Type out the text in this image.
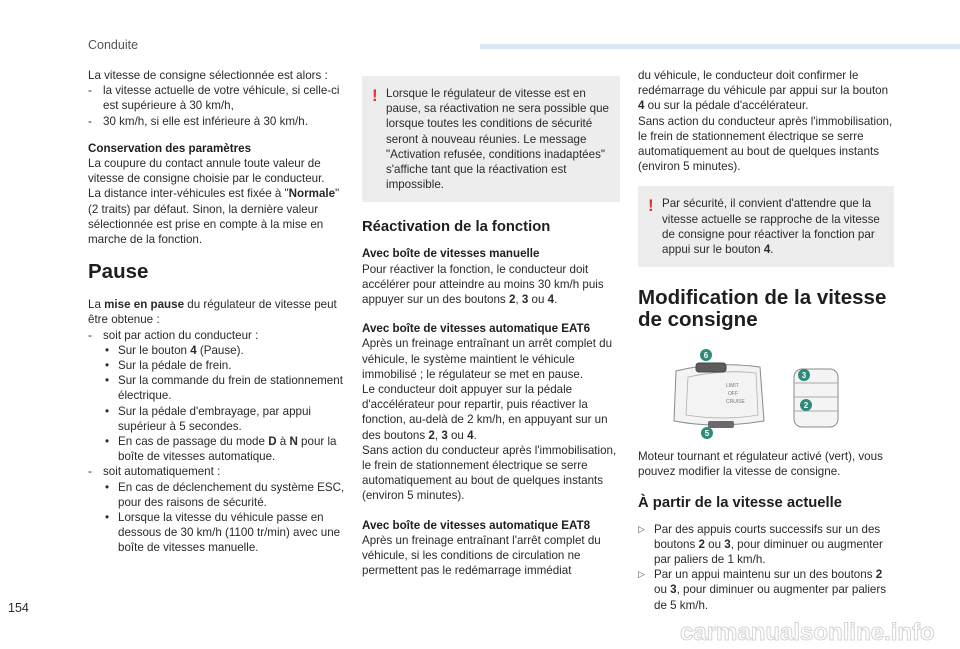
Conduite

La vitesse de consigne sélectionnée est alors :

- la vitesse actuelle de votre véhicule, si celle-ci est supérieure à 30 km/h,

- 30 km/h, si elle est inférieure à 30 km/h.

Conservation des paramètres

La coupure du contact annule toute valeur de vitesse de consigne choisie par le conducteur.

La distance inter-véhicules est fixée à "Normale" (2 traits) par défaut. Sinon, la dernière valeur sélectionnée est prise en compte à la mise en marche de la fonction.

Pause

La mise en pause du régulateur de vitesse peut être obtenue :

- soit par action du conducteur :

• Sur le bouton 4 (Pause).

• Sur la pédale de frein.

• Sur la commande du frein de stationnement électrique.

• Sur la pédale d'embrayage, par appui supérieur à 5 secondes.

• En cas de passage du mode D à N pour la boîte de vitesses automatique.

- soit automatiquement :

• En cas de déclenchement du système ESC, pour des raisons de sécurité.

• Lorsque la vitesse du véhicule passe en dessous de 30 km/h (1100 tr/min) avec une boîte de vitesses manuelle.

! Lorsque le régulateur de vitesse est en pause, sa réactivation ne sera possible que lorsque toutes les conditions de sécurité seront à nouveau réunies. Le message "Activation refusée, conditions inadaptées" s'affiche tant que la réactivation est impossible.

Réactivation de la fonction

Avec boîte de vitesses manuelle

Pour réactiver la fonction, le conducteur doit accélérer pour atteindre au moins 30 km/h puis appuyer sur un des boutons 2, 3 ou 4.

Avec boîte de vitesses automatique EAT6

Après un freinage entraînant un arrêt complet du véhicule, le système maintient le véhicule immobilisé ; le régulateur se met en pause.

Le conducteur doit appuyer sur la pédale d'accélérateur pour repartir, puis réactiver la fonction, au-delà de 2 km/h, en appuyant sur un des boutons 2, 3 ou 4.

Sans action du conducteur après l'immobilisation, le frein de stationnement électrique se serre automatiquement au bout de quelques instants (environ 5 minutes).

Avec boîte de vitesses automatique EAT8

Après un freinage entraînant l'arrêt complet du véhicule, si les conditions de circulation ne permettent pas le redémarrage immédiat

du véhicule, le conducteur doit confirmer le redémarrage du véhicule par appui sur la bouton 4 ou sur la pédale d'accélérateur.

Sans action du conducteur après l'immobilisation, le frein de stationnement électrique se serre automatiquement au bout de quelques instants (environ 5 minutes).

! Par sécurité, il convient d'attendre que la vitesse actuelle se rapproche de la vitesse de consigne pour réactiver la fonction par appui sur le bouton 4.

Modification de la vitesse
de consigne
LIMIT
OFF
CRUISE
6
3
2
5

Moteur tournant et régulateur activé (vert), vous pouvez modifier la vitesse de consigne.

À partir de la vitesse actuelle

▷ Par des appuis courts successifs sur un des boutons 2 ou 3, pour diminuer ou augmenter par paliers de 1 km/h.

▷ Par un appui maintenu sur un des boutons 2 ou 3, pour diminuer ou augmenter par paliers de 5 km/h.

154
carmanualsonline.info
